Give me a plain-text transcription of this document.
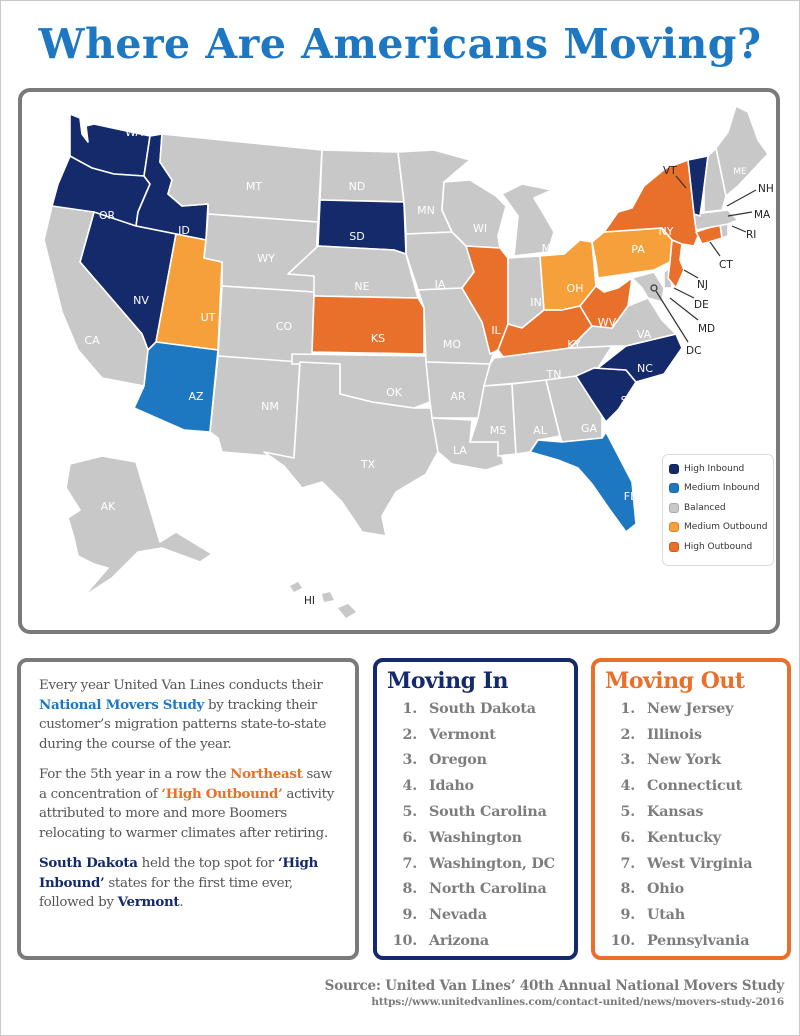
Where Are Americans Moving?
WA
OR
ID
NV
CA
UT
AZ
MT
WY
CO
NM
ND
SD
NE
KS
OK
TX
MN
IA
MO
AR
LA
WI
IL
MI
IN
OH
KY
TN
MS AL	GA
FL
WV
VA
NC
SC
PA
NY
ME
AK
VT
NH
MA
RI
CT
NJ
DE
MD
DC
HI
High Inbound
Medium Inbound
Balanced
Medium Outbound
High Outbound

Every year United Van Lines conducts their National Movers Study by tracking their customer’s migration patterns state-to-state during the course of the year.

For the 5th year in a row the Northeast saw a concentration of ‘High Outbound’ activity attributed to more and more Boomers relocating to warmer climates after retiring.

South Dakota held the top spot for ‘High Inbound’ states for the first time ever, followed by Vermont.

Moving In
1. South Dakota
2. Vermont
3. Oregon
4. Idaho
5. South Carolina
6. Washington
7. Washington, DC
8. North Carolina
9. Nevada
10. Arizona
Moving Out
1. New Jersey
2. Illinois
3. New York
4. Connecticut
5. Kansas
6. Kentucky
7. West Virginia
8. Ohio
9. Utah
10. Pennsylvania
Source: United Van Lines’ 40th Annual National Movers Study
https://www.unitedvanlines.com/contact-united/news/movers-study-2016
